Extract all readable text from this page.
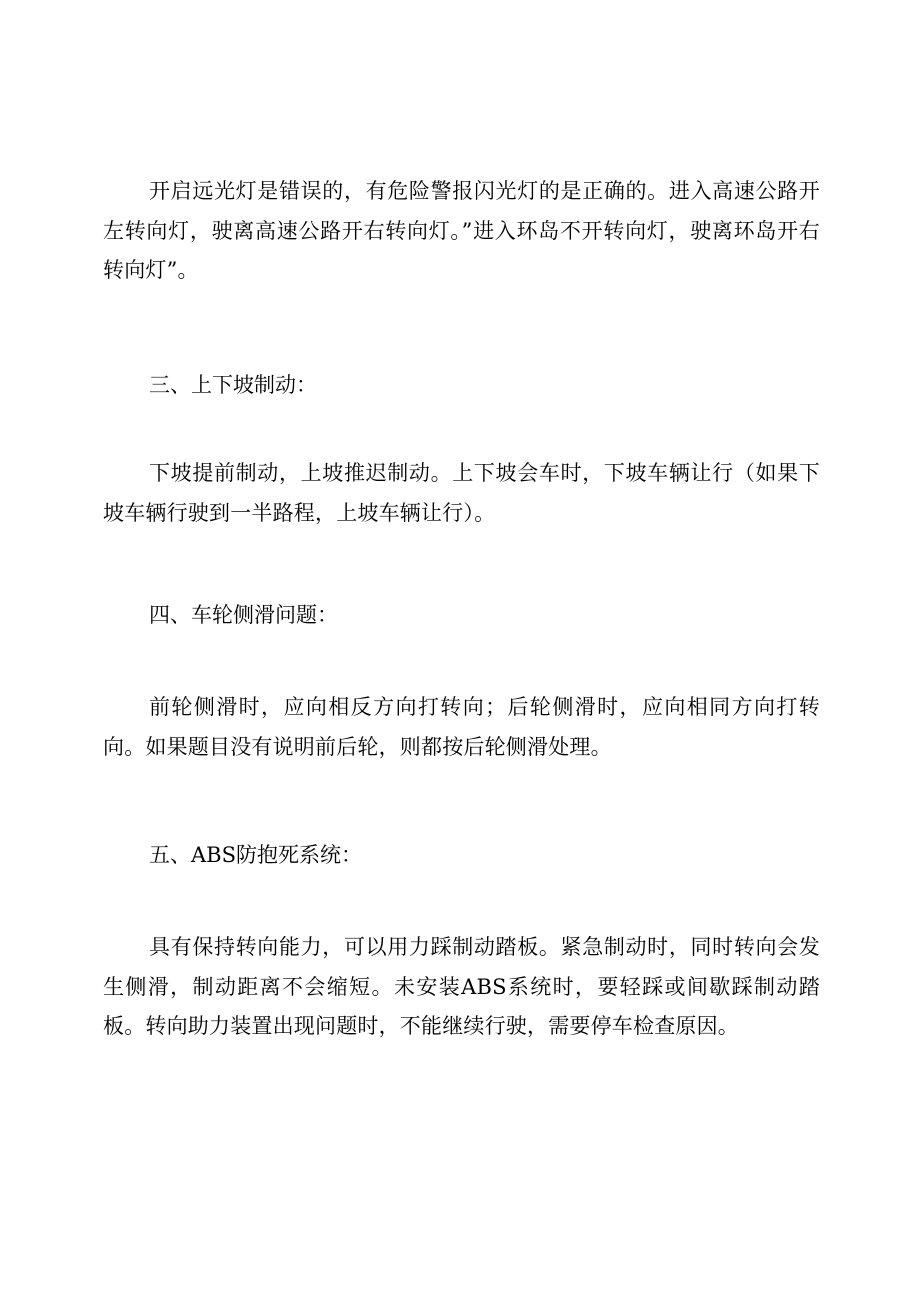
开启远光灯是错误的，有危险警报闪光灯的是正确的。进入高速公路开左转向灯，驶离高速公路开右转向灯。”进入环岛不开转向灯，驶离环岛开右转向灯”。

三、上下坡制动：

下坡提前制动，上坡推迟制动。上下坡会车时，下坡车辆让行（如果下坡车辆行驶到一半路程，上坡车辆让行）。

四、车轮侧滑问题：

前轮侧滑时，应向相反方向打转向；后轮侧滑时，应向相同方向打转向。如果题目没有说明前后轮，则都按后轮侧滑处理。

五、ABS防抱死系统：

具有保持转向能力，可以用力踩制动踏板。紧急制动时，同时转向会发生侧滑，制动距离不会缩短。未安装ABS系统时，要轻踩或间歇踩制动踏板。转向助力装置出现问题时，不能继续行驶，需要停车检查原因。
